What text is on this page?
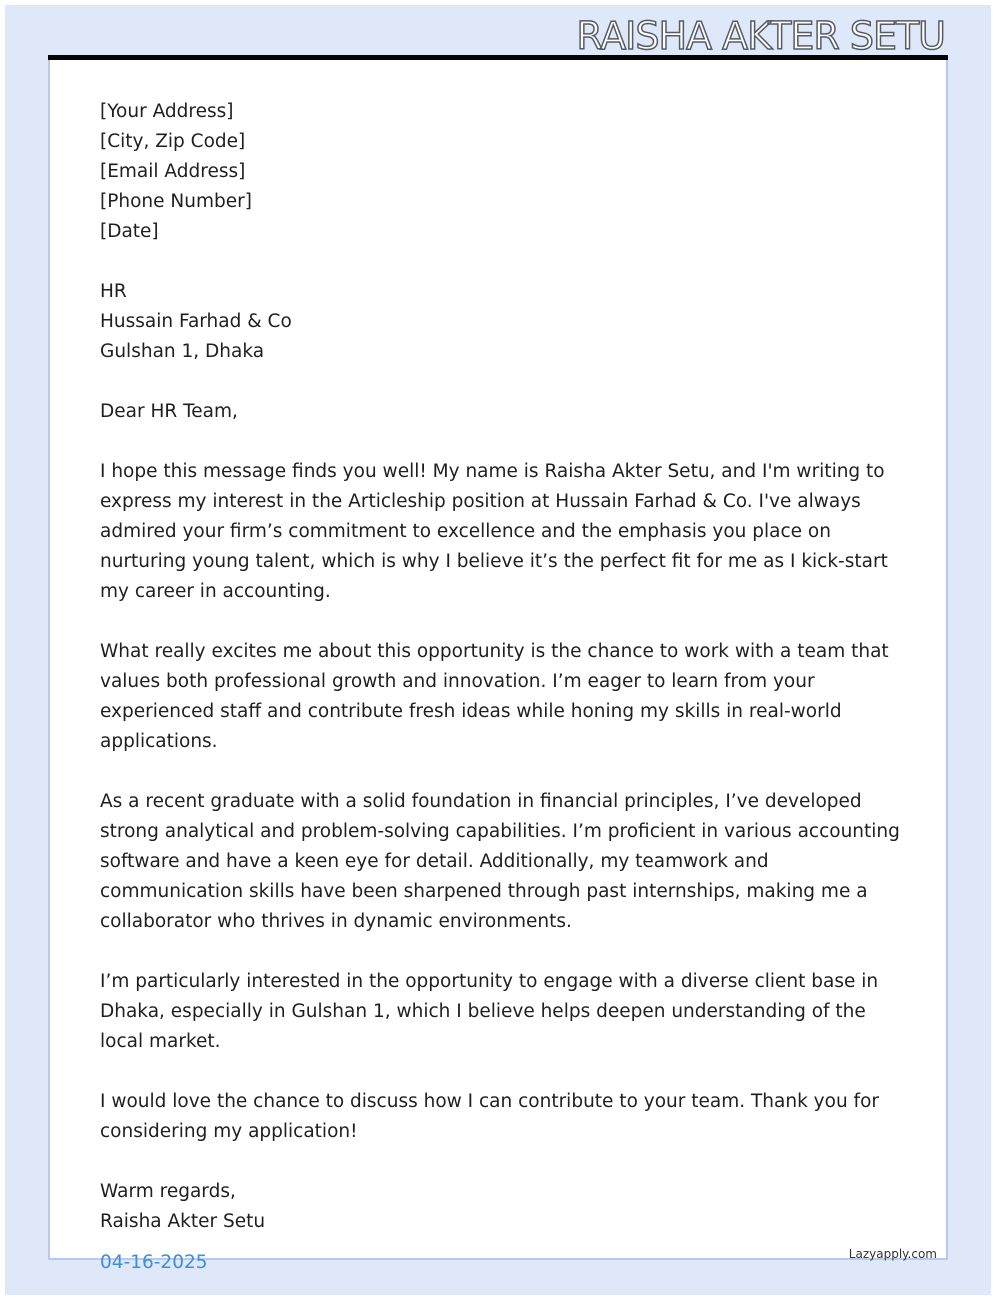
RAISHA AKTER SETU
[Your Address]
[City, Zip Code]
[Email Address]
[Phone Number]
[Date]
HR
Hussain Farhad & Co
Gulshan 1, Dhaka
Dear HR Team,

I hope this message finds you well! My name is Raisha Akter Setu, and I'm writing to express my interest in the Articleship position at Hussain Farhad & Co. I've always admired your firm’s commitment to excellence and the emphasis you place on nurturing young talent, which is why I believe it’s the perfect fit for me as I kick-start my career in accounting.

What really excites me about this opportunity is the chance to work with a team that values both professional growth and innovation. I’m eager to learn from your experienced staff and contribute fresh ideas while honing my skills in real-world applications.

As a recent graduate with a solid foundation in financial principles, I’ve developed strong analytical and problem-solving capabilities. I’m proficient in various accounting software and have a keen eye for detail. Additionally, my teamwork and communication skills have been sharpened through past internships, making me a collaborator who thrives in dynamic environments.

I’m particularly interested in the opportunity to engage with a diverse client base in Dhaka, especially in Gulshan 1, which I believe helps deepen understanding of the local market.

I would love the chance to discuss how I can contribute to your team. Thank you for considering my application!

Warm regards,
Raisha Akter Setu
04-16-2025	Lazyapply.com
